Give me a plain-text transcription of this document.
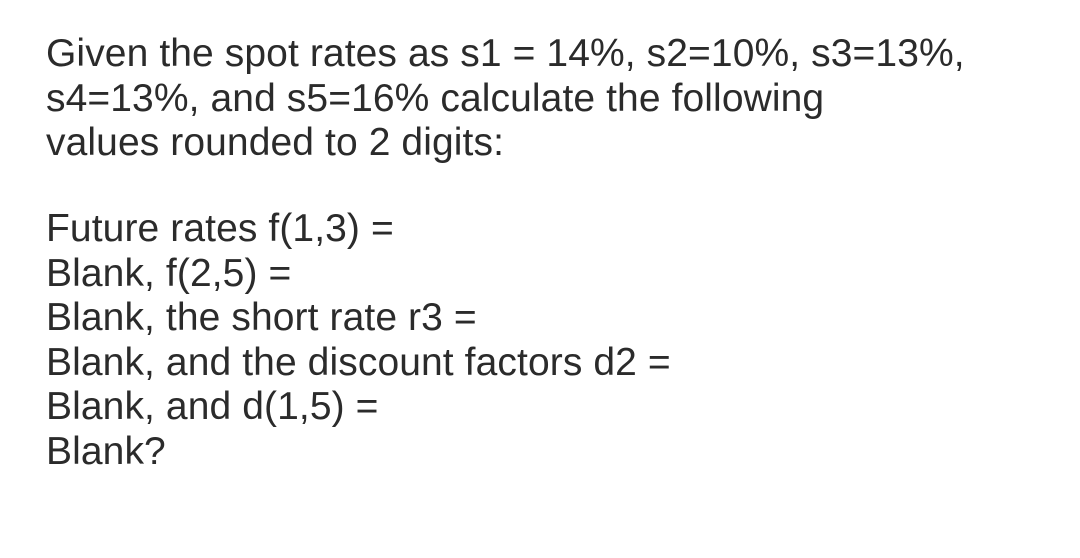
Given the spot rates as s1 = 14%, s2=10%, s3=13%,
s4=13%, and s5=16% calculate the following
values rounded to 2 digits:

Future rates f(1,3) =
Blank, f(2,5) =
Blank, the short rate r3 =
Blank, and the discount factors d2 =
Blank, and d(1,5) =
Blank?
